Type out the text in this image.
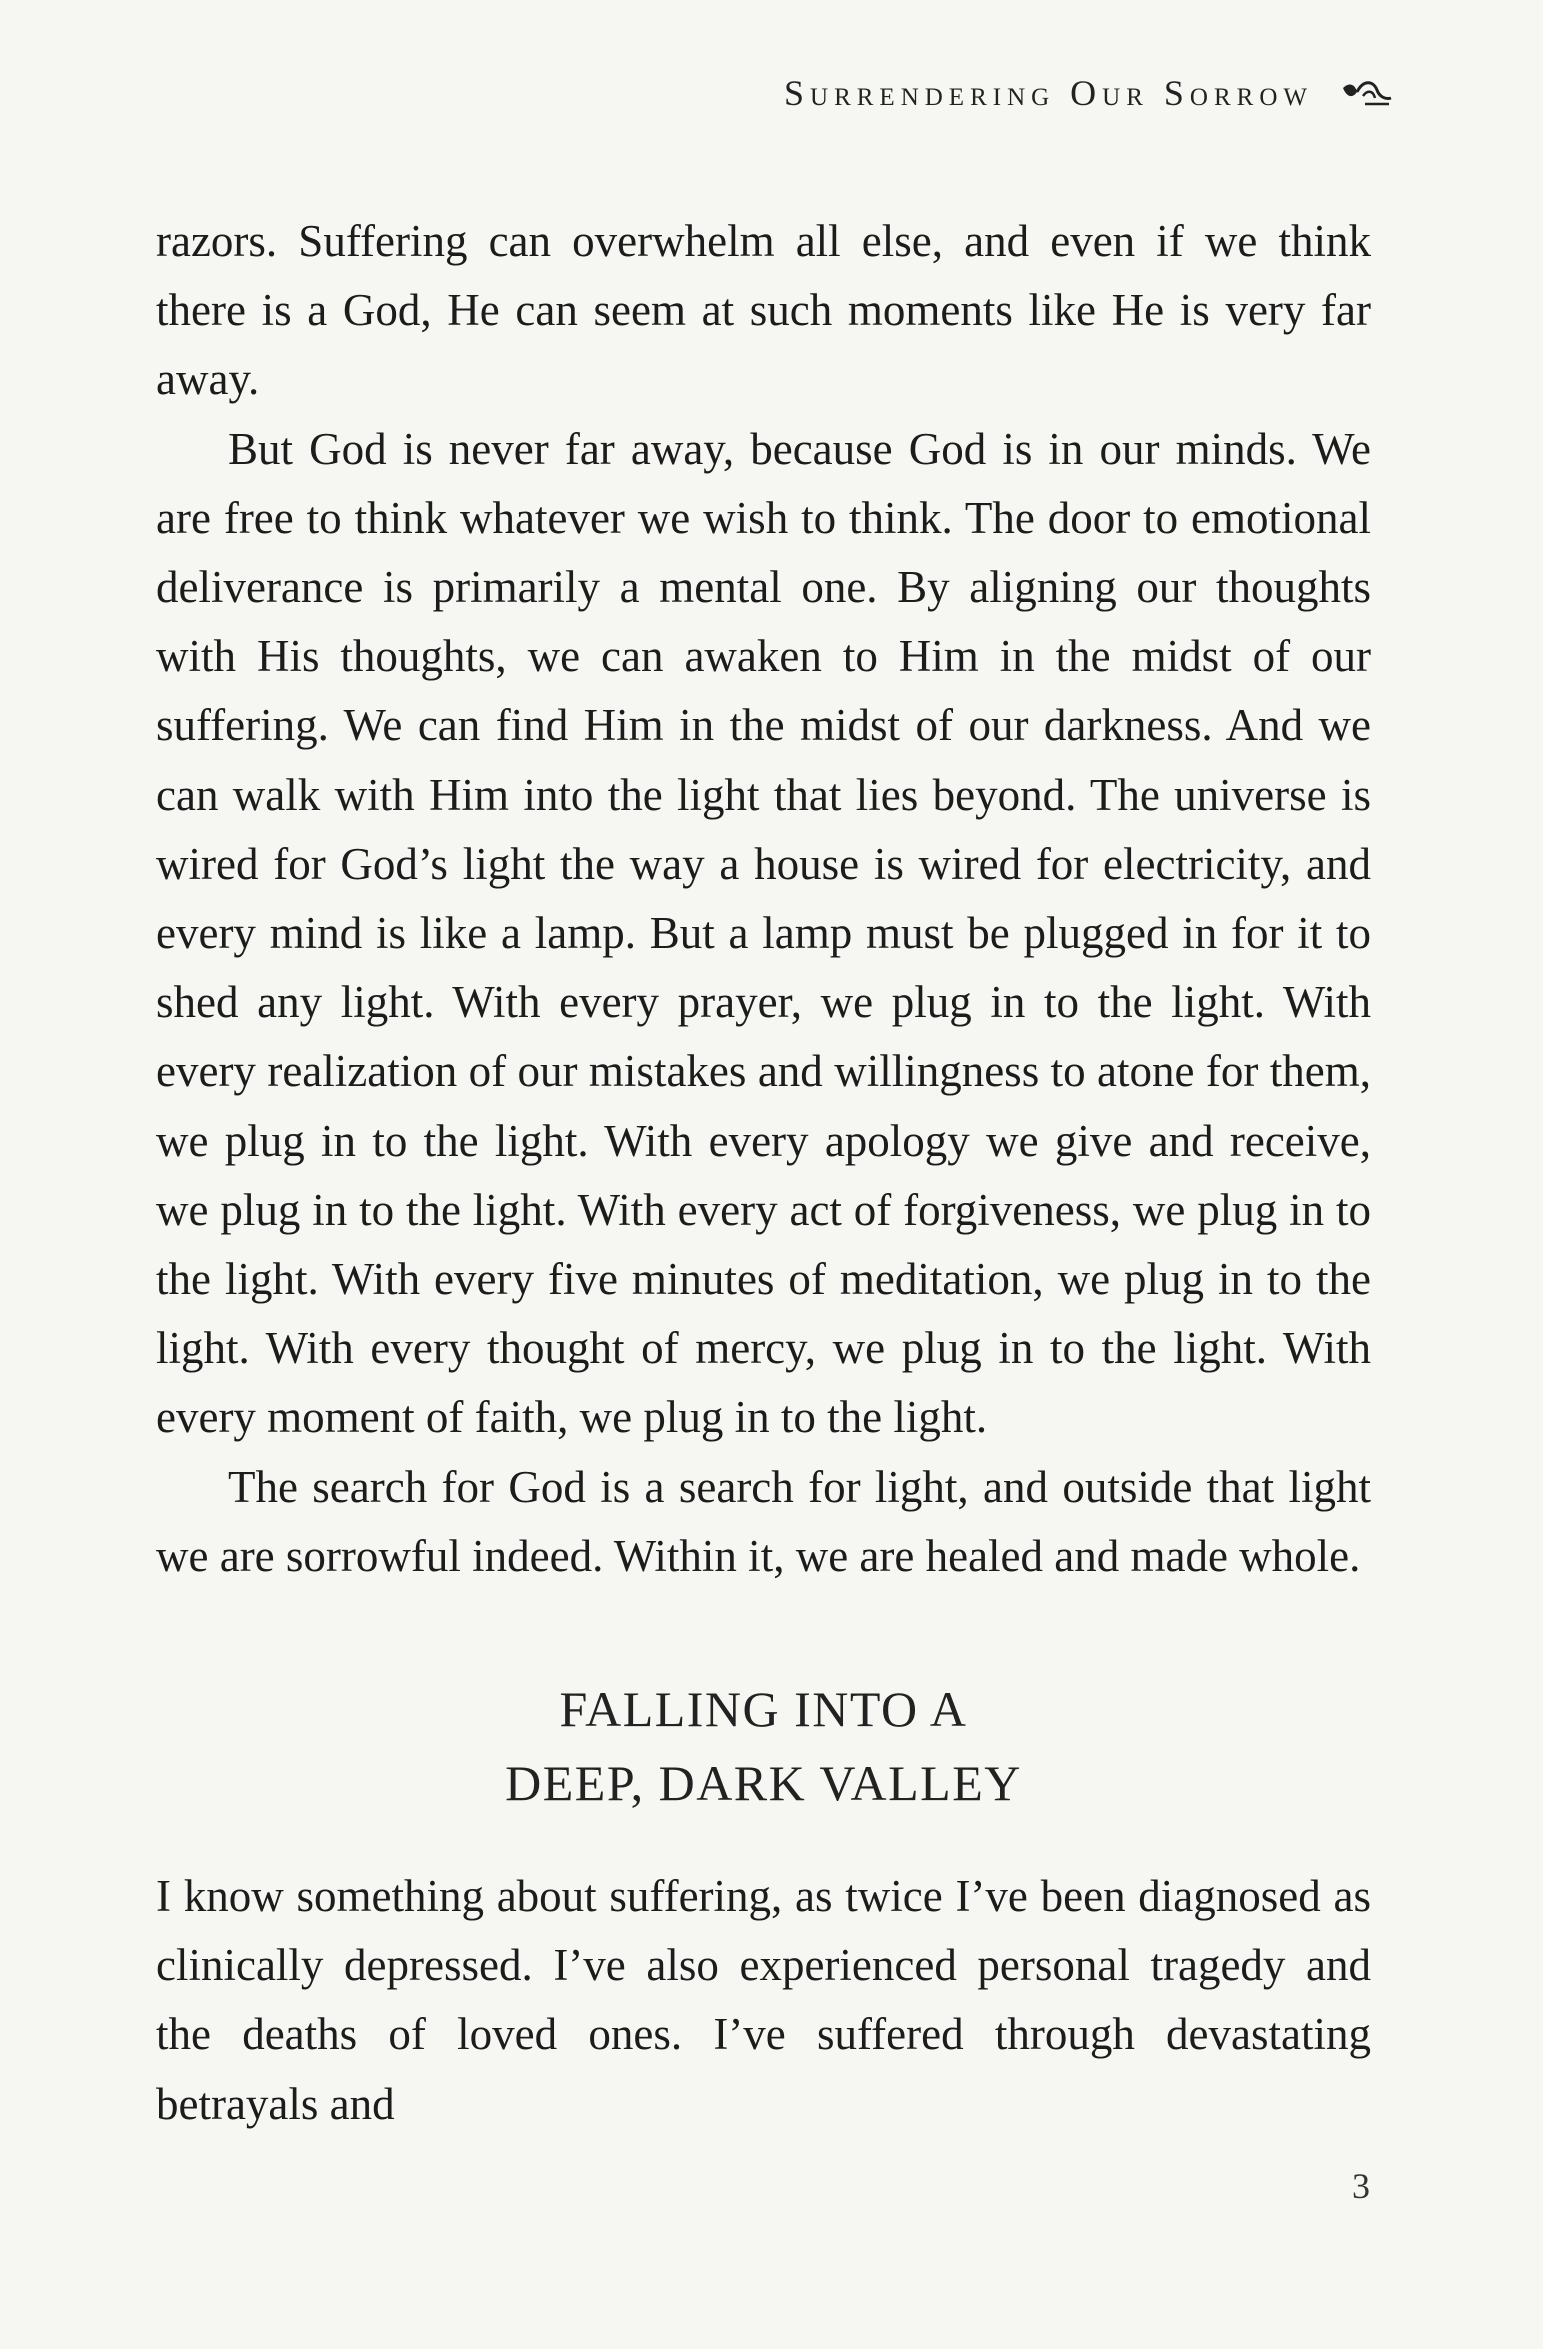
Surrendering Our Sorrow

razors. Suffering can overwhelm all else, and even if we think there is a God, He can seem at such moments like He is very far away.

But God is never far away, because God is in our minds. We are free to think whatever we wish to think. The door to emotional deliverance is primarily a mental one. By aligning our thoughts with His thoughts, we can awaken to Him in the midst of our suffering. We can find Him in the midst of our darkness. And we can walk with Him into the light that lies beyond. The universe is wired for God’s light the way a house is wired for electricity, and every mind is like a lamp. But a lamp must be plugged in for it to shed any light. With every prayer, we plug in to the light. With every realization of our mistakes and willingness to atone for them, we plug in to the light. With every apology we give and receive, we plug in to the light. With every act of forgiveness, we plug in to the light. With every five minutes of meditation, we plug in to the light. With every thought of mercy, we plug in to the light. With every moment of faith, we plug in to the light.

The search for God is a search for light, and outside that light we are sorrowful indeed. Within it, we are healed and made whole.

FALLING INTO A
DEEP, DARK VALLEY

I know something about suffering, as twice I’ve been diagnosed as clinically depressed. I’ve also experienced personal tragedy and the deaths of loved ones. I’ve suffered through devastating betrayals and

3
